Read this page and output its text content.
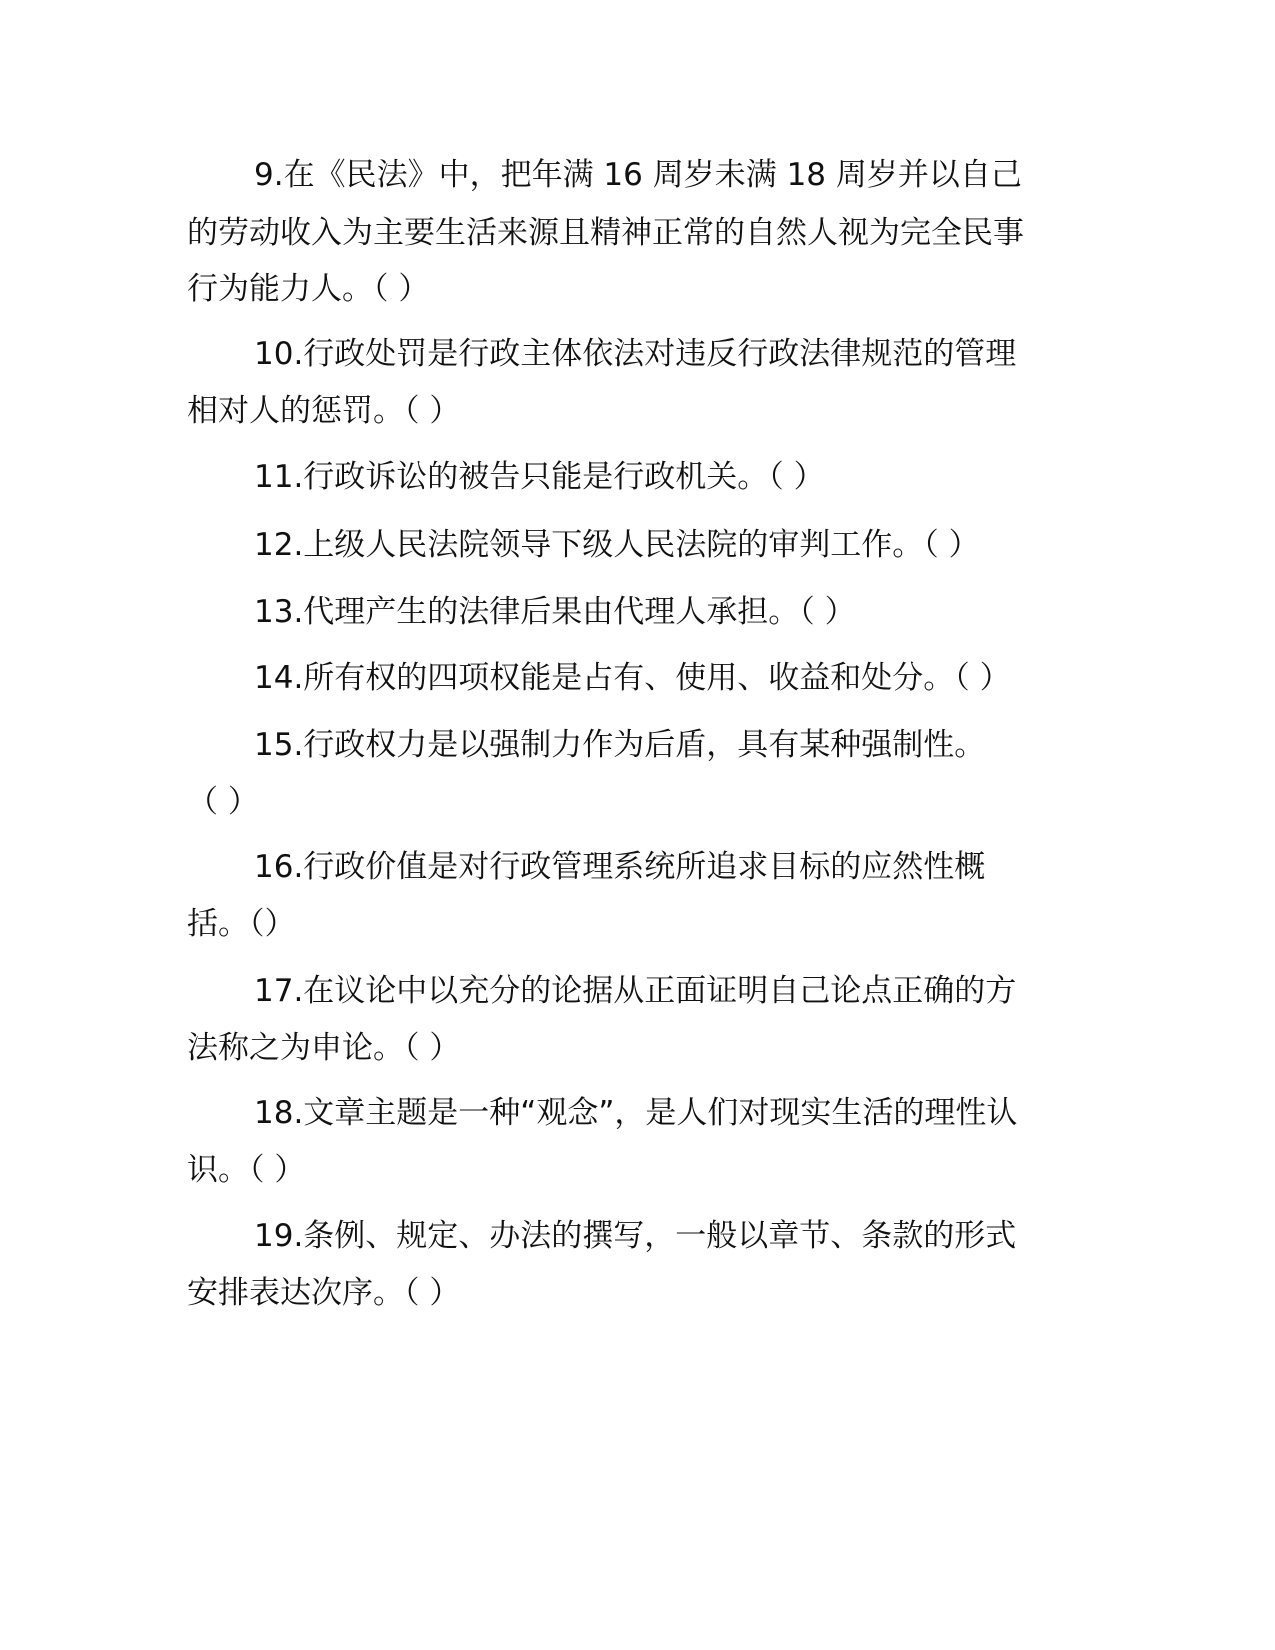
9.在《民法》中，把年满 16 周岁未满 18 周岁并以自己
的劳动收入为主要生活来源且精神正常的自然人视为完全民事
行为能力人。（ ）
10.行政处罚是行政主体依法对违反行政法律规范的管理
相对人的惩罚。（ ）
11.行政诉讼的被告只能是行政机关。（ ）
12.上级人民法院领导下级人民法院的审判工作。（ ）
13.代理产生的法律后果由代理人承担。（ ）
14.所有权的四项权能是占有、使用、收益和处分。（ ）
15.行政权力是以强制力作为后盾，具有某种强制性。
（ ）
16.行政价值是对行政管理系统所追求目标的应然性概
括。（）
17.在议论中以充分的论据从正面证明自己论点正确的方
法称之为申论。（ ）
18.文章主题是一种“观念”，是人们对现实生活的理性认
识。（ ）
19.条例、规定、办法的撰写，一般以章节、条款的形式
安排表达次序。（ ）
